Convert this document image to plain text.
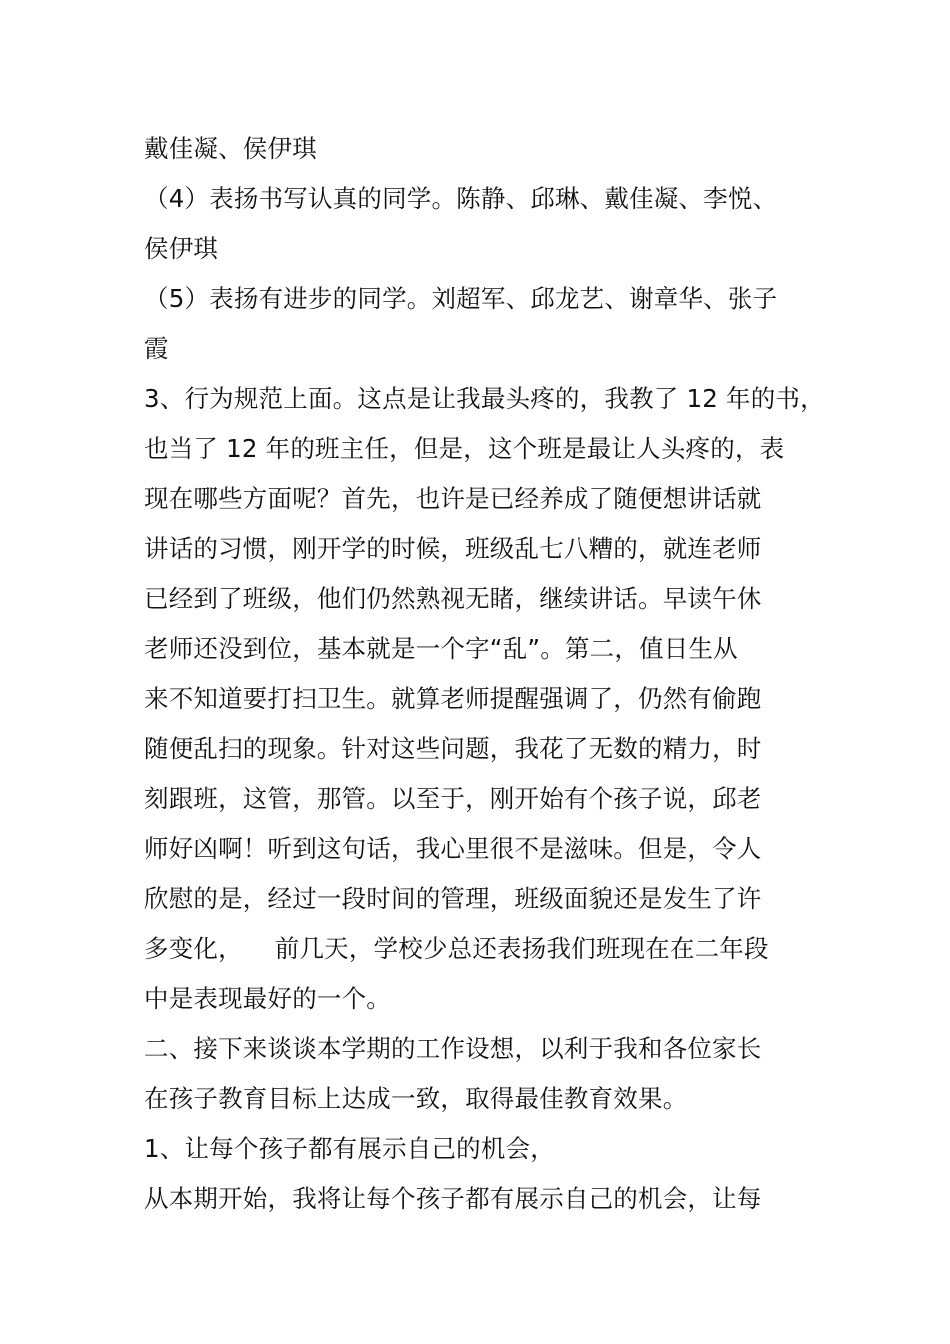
戴佳凝、侯伊琪
（4）表扬书写认真的同学。陈静、邱琳、戴佳凝、李悦、
侯伊琪
（5）表扬有进步的同学。刘超军、邱龙艺、谢章华、张子
霞
3、行为规范上面。这点是让我最头疼的，我教了 12 年的书，
也当了 12 年的班主任，但是，这个班是最让人头疼的，表
现在哪些方面呢？首先，也许是已经养成了随便想讲话就
讲话的习惯，刚开学的时候，班级乱七八糟的，就连老师
已经到了班级，他们仍然熟视无睹，继续讲话。早读午休
老师还没到位，基本就是一个字“乱”。第二，值日生从
来不知道要打扫卫生。就算老师提醒强调了，仍然有偷跑
随便乱扫的现象。针对这些问题，我花了无数的精力，时
刻跟班，这管，那管。以至于，刚开始有个孩子说，邱老
师好凶啊！听到这句话，我心里很不是滋味。但是，令人
欣慰的是，经过一段时间的管理，班级面貌还是发生了许
多变化，    前几天，学校少总还表扬我们班现在在二年段
中是表现最好的一个。
二、接下来谈谈本学期的工作设想，以利于我和各位家长
在孩子教育目标上达成一致，取得最佳教育效果。
1、让每个孩子都有展示自己的机会，
从本期开始，我将让每个孩子都有展示自己的机会，让每
